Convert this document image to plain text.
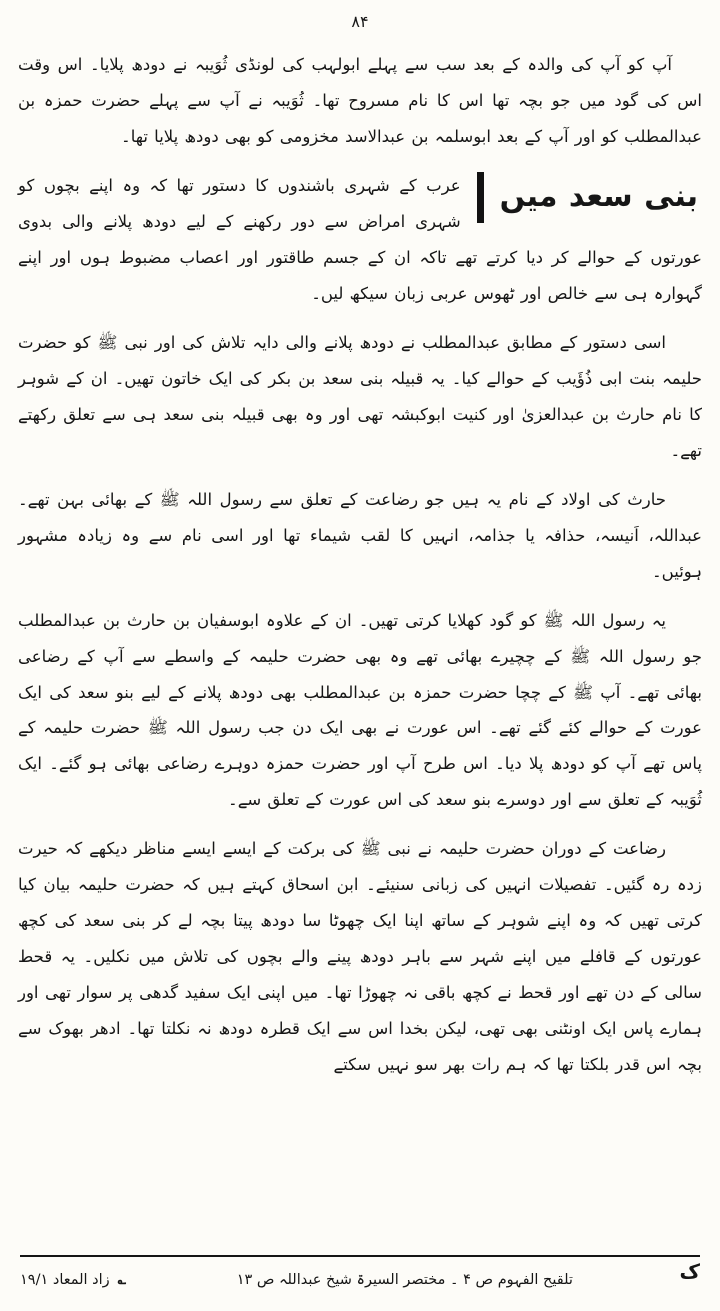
۸۴

آپ کو آپ کی والدہ کے بعد سب سے پہلے ابولہب کی لونڈی ثُوَیبہ نے دودھ پلایا۔ اس وقت اس کی گود میں جو بچہ تھا اس کا نام مسروح تھا۔ ثُوَیبہ نے آپ سے پہلے حضرت حمزہ بن عبدالمطلب کو اور آپ کے بعد ابوسلمہ بن عبدالاسد مخزومی کو بھی دودھ پلایا تھا۔

بنی سعد میں
عرب کے شہری باشندوں کا دستور تھا کہ وہ اپنے بچوں کو شہری امراض سے دور رکھنے کے لیے دودھ پلانے والی بدوی عورتوں کے حوالے کر دیا کرتے تھے تاکہ ان کے جسم طاقتور اور اعصاب مضبوط ہوں اور اپنے گہوارہ ہی سے خالص اور ٹھوس عربی زبان سیکھ لیں۔

اسی دستور کے مطابق عبدالمطلب نے دودھ پلانے والی دایہ تلاش کی اور نبی ﷺ کو حضرت حلیمہ بنت ابی ذُؤَیب کے حوالے کیا۔ یہ قبیلہ بنی سعد بن بکر کی ایک خاتون تھیں۔ ان کے شوہر کا نام حارث بن عبدالعزیٰ اور کنیت ابوکبشہ تھی اور وہ بھی قبیلہ بنی سعد ہی سے تعلق رکھتے تھے۔

حارث کی اولاد کے نام یہ ہیں جو رضاعت کے تعلق سے رسول اللہ ﷺ کے بھائی بہن تھے۔ عبداللہ، اَنیسہ، حذافہ یا جذامہ، انہیں کا لقب شیماء تھا اور اسی نام سے وہ زیادہ مشہور ہوئیں۔

یہ رسول اللہ ﷺ کو گود کھلایا کرتی تھیں۔ ان کے علاوہ ابوسفیان بن حارث بن عبدالمطلب جو رسول اللہ ﷺ کے چچیرے بھائی تھے وہ بھی حضرت حلیمہ کے واسطے سے آپ کے رضاعی بھائی تھے۔ آپ ﷺ کے چچا حضرت حمزہ بن عبدالمطلب بھی دودھ پلانے کے لیے بنو سعد کی ایک عورت کے حوالے کئے گئے تھے۔ اس عورت نے بھی ایک دن جب رسول اللہ ﷺ حضرت حلیمہ کے پاس تھے آپ کو دودھ پلا دیا۔ اس طرح آپ اور حضرت حمزہ دوہرے رضاعی بھائی ہو گئے۔ ایک ثُوَیبہ کے تعلق سے اور دوسرے بنو سعد کی اس عورت کے تعلق سے۔

رضاعت کے دوران حضرت حلیمہ نے نبی ﷺ کی برکت کے ایسے ایسے مناظر دیکھے کہ حیرت زدہ رہ گئیں۔ تفصیلات انہیں کی زبانی سنیئے۔ ابن اسحاق کہتے ہیں کہ حضرت حلیمہ بیان کیا کرتی تھیں کہ وہ اپنے شوہر کے ساتھ اپنا ایک چھوٹا سا دودھ پیتا بچہ لے کر بنی سعد کی کچھ عورتوں کے قافلے میں اپنے شہر سے باہر دودھ پینے والے بچوں کی تلاش میں نکلیں۔ یہ قحط سالی کے دن تھے اور قحط نے کچھ باقی نہ چھوڑا تھا۔ میں اپنی ایک سفید گدھی پر سوار تھی اور ہمارے پاس ایک اونٹنی بھی تھی، لیکن بخدا اس سے ایک قطرہ دودھ نہ نکلتا تھا۔ ادھر بھوک سے بچہ اس قدر بلکتا تھا کہ ہم رات بھر سو نہیں سکتے

ک
تلقیح الفہوم ص ۴ ۔ مختصر السیرۃ شیخ عبداللہ ص ۱۳
؎
زاد المعاد ۱۹/۱
